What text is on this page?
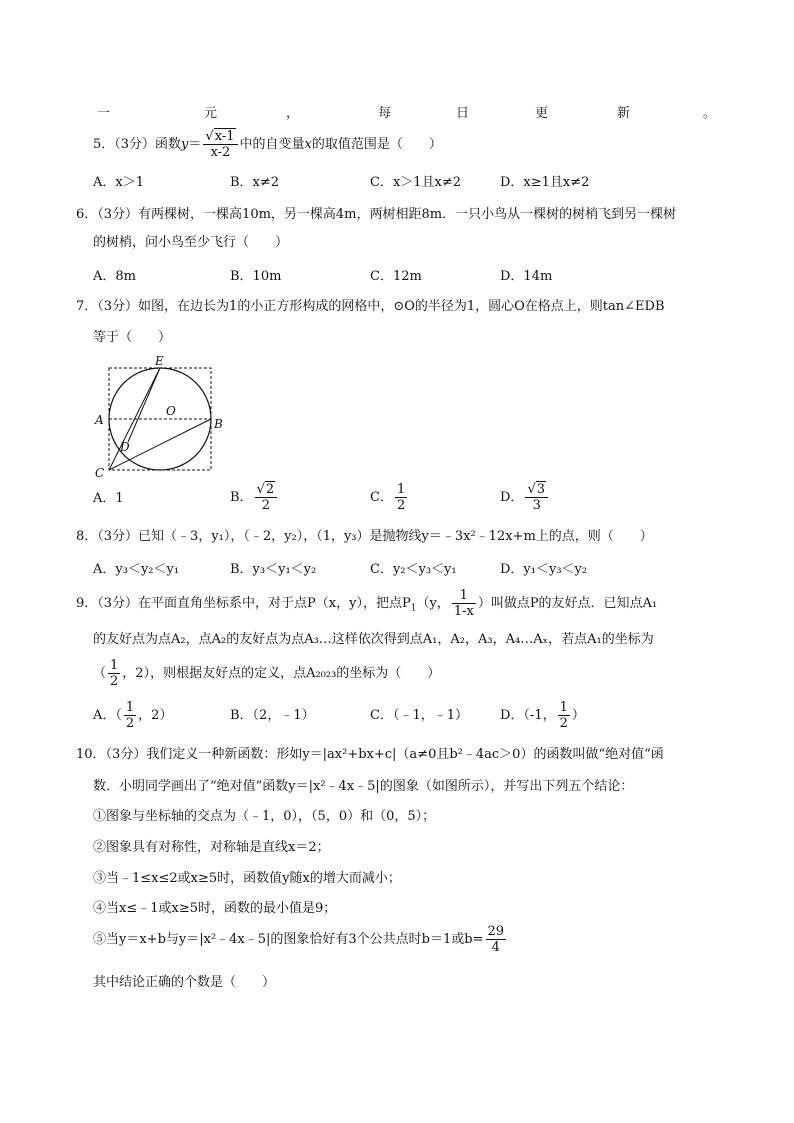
一	元	，	每	日	更	新	。
5．（3分）函数$y= \frac{√x-1}{x-2}$ 中的自变量x的取值范围是（　　）
A．x＞1	B．x≠2	C．x＞1且x≠2	D．x≥1且x≠2
6．（3分）有两棵树，一棵高10m，另一棵高4m，两树相距8m．一只小鸟从一棵树的树梢飞到另一棵树
的树梢，问小鸟至少飞行（　　）
A．8m	B．10m	C．12m	D．14m
7．（3分）如图，在边长为1的小正方形构成的网格中，⊙O的半径为1，圆心O在格点上，则tan∠EDB
等于（　　）
E
A
O
B
D
C
A．1	B． $\frac{√2}{2}$	C． $\frac{1}{2}$	D． $\frac{√3}{3}$
8．（3分）已知（﹣3，y₁），（﹣2，y₂），（1，y₃）是抛物线y＝﹣3x²﹣12x+m上的点，则（　　）
A．y₃＜y₂＜y₁	B．y₃＜y₁＜y₂	C．y₂＜y₃＜y₁	D．y₁＜y₃＜y₂
9．（3分）在平面直角坐标系中，对于点P（x，y），把点$P_1(y$， $\frac{1}{1-x}$ ）叫做点P的友好点．已知点A₁
的友好点为点A₂，点A₂的友好点为点A₃…这样依次得到点A₁，A₂，A₃，A₄…Aₓ，若点A₁的坐标为
（ $\frac{1}{2}$ ，2），则根据友好点的定义，点A₂₀₂₃的坐标为（　　）
A．（ $\frac{1}{2}$ ，2）	B．（2，﹣1）	C．（﹣1，﹣1） D．（-1， $\frac{1}{2}$ ）
10．（3分）我们定义一种新函数：形如y＝|ax²+bx+c|（a≠0且b²﹣4ac＞0）的函数叫做“绝对值“函
数．小明同学画出了“绝对值”函数y＝|x²﹣4x﹣5|的图象（如图所示），并写出下列五个结论：
①图象与坐标轴的交点为（﹣1，0），（5，0）和（0，5）；
②图象具有对称性，对称轴是直线x＝2；
③当﹣1≤x≤2或x≥5时，函数值y随x的增大而减小；
④当x≤﹣1或x≥5时，函数的最小值是9；
⑤当y＝x+b与y＝|x²﹣4x﹣5|的图象恰好有3个公共点时b＝1或$b= \frac{29}{4}$
其中结论正确的个数是（　　）
